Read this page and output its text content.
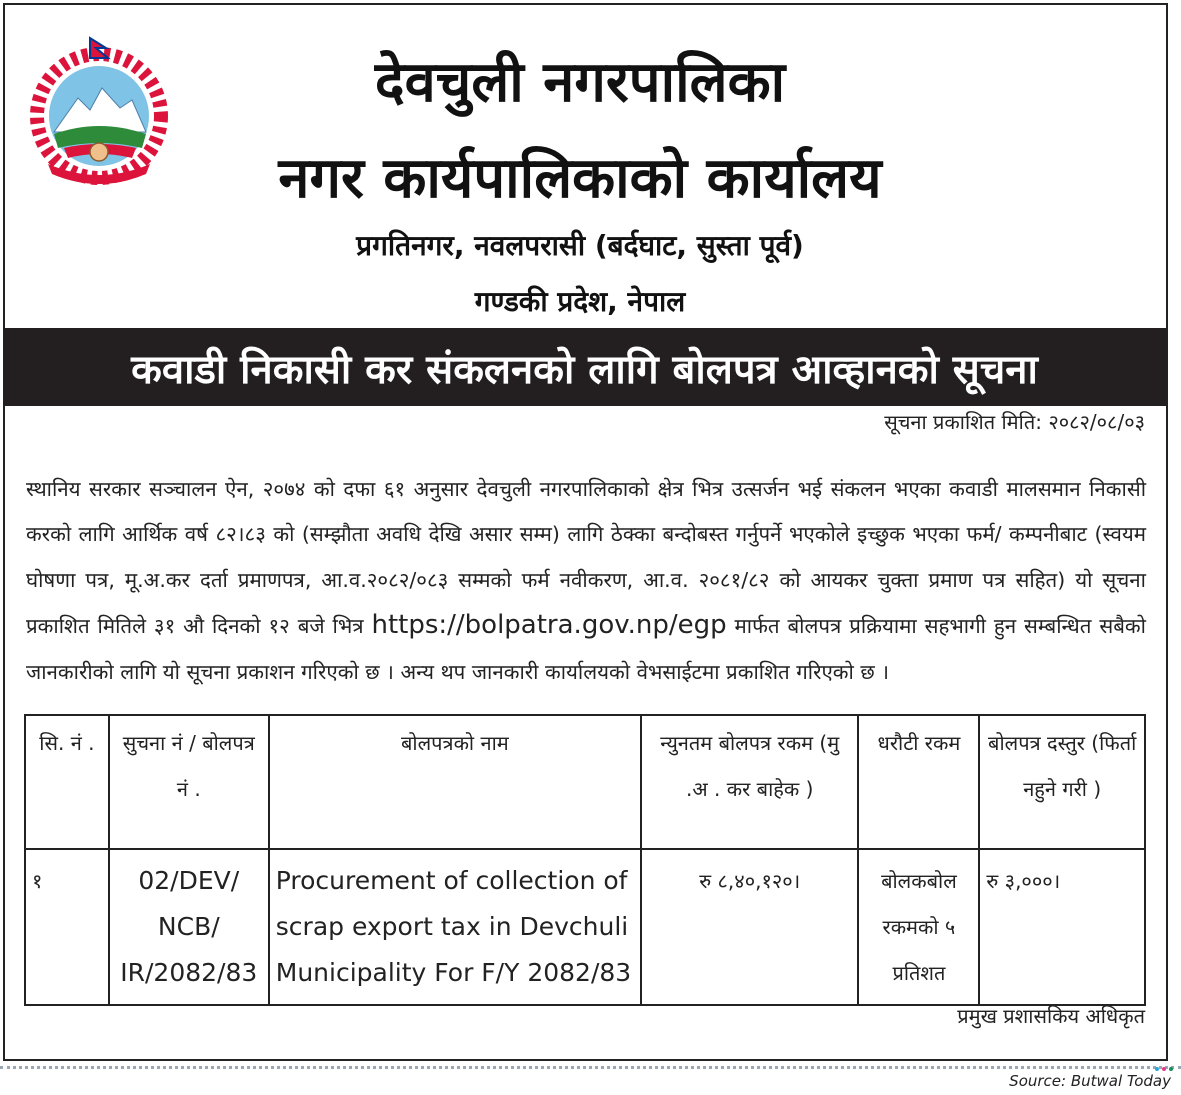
देवचुली नगरपालिका
नगर कार्यपालिकाको कार्यालय
प्रगतिनगर, नवलपरासी (बर्दघाट, सुस्ता पूर्व)
गण्डकी प्रदेश, नेपाल
कवाडी निकासी कर संकलनको लागि बोलपत्र आव्हानको सूचना
सूचना प्रकाशित मिति: २०८२/०८/०३

स्थानिय सरकार सञ्चालन ऐन, २०७४ को दफा ६१ अनुसार देवचुली नगरपालिकाको क्षेत्र भित्र उत्सर्जन भई संकलन भएका कवाडी मालसमान निकासी करको लागि आर्थिक वर्ष ८२।८३ को (सम्झौता अवधि देखि असार सम्म) लागि ठेक्का बन्दोबस्त गर्नुपर्ने भएकोले इच्छुक भएका फर्म/ कम्पनीबाट (स्वयम घोषणा पत्र, मू.अ.कर दर्ता प्रमाणपत्र, आ.व.२०८२/०८३ सम्मको फर्म नवीकरण, आ.व. २०८१/८२ को आयकर चुक्ता प्रमाण पत्र सहित) यो सूचना प्रकाशित मितिले ३१ औ दिनको १२ बजे भित्र https://bolpatra.gov.np/egp मार्फत बोलपत्र प्रक्रियामा सहभागी हुन सम्बन्धित सबैको जानकारीको लागि यो सूचना प्रकाशन गरिएको छ । अन्य थप जानकारी कार्यालयको वेभसाईटमा प्रकाशित गरिएको छ ।

सि. नं .	सुचना नं / बोलपत्र नं .	बोलपत्रको नाम	न्युनतम बोलपत्र रकम (मु .अ . कर बाहेक )	धरौटी रकम	बोलपत्र दस्तुर (फिर्ता नहुने गरी )
१	02/DEV/ NCB/ IR/2082/83	Procurement of collection of scrap export tax in Devchuli Municipality For F/Y 2082/83	रु ८,४०,१२०।	बोलकबोल रकमको ५ प्रतिशत	रु ३,०००।
प्रमुख प्रशासकिय अधिकृत
Source: Butwal Today
